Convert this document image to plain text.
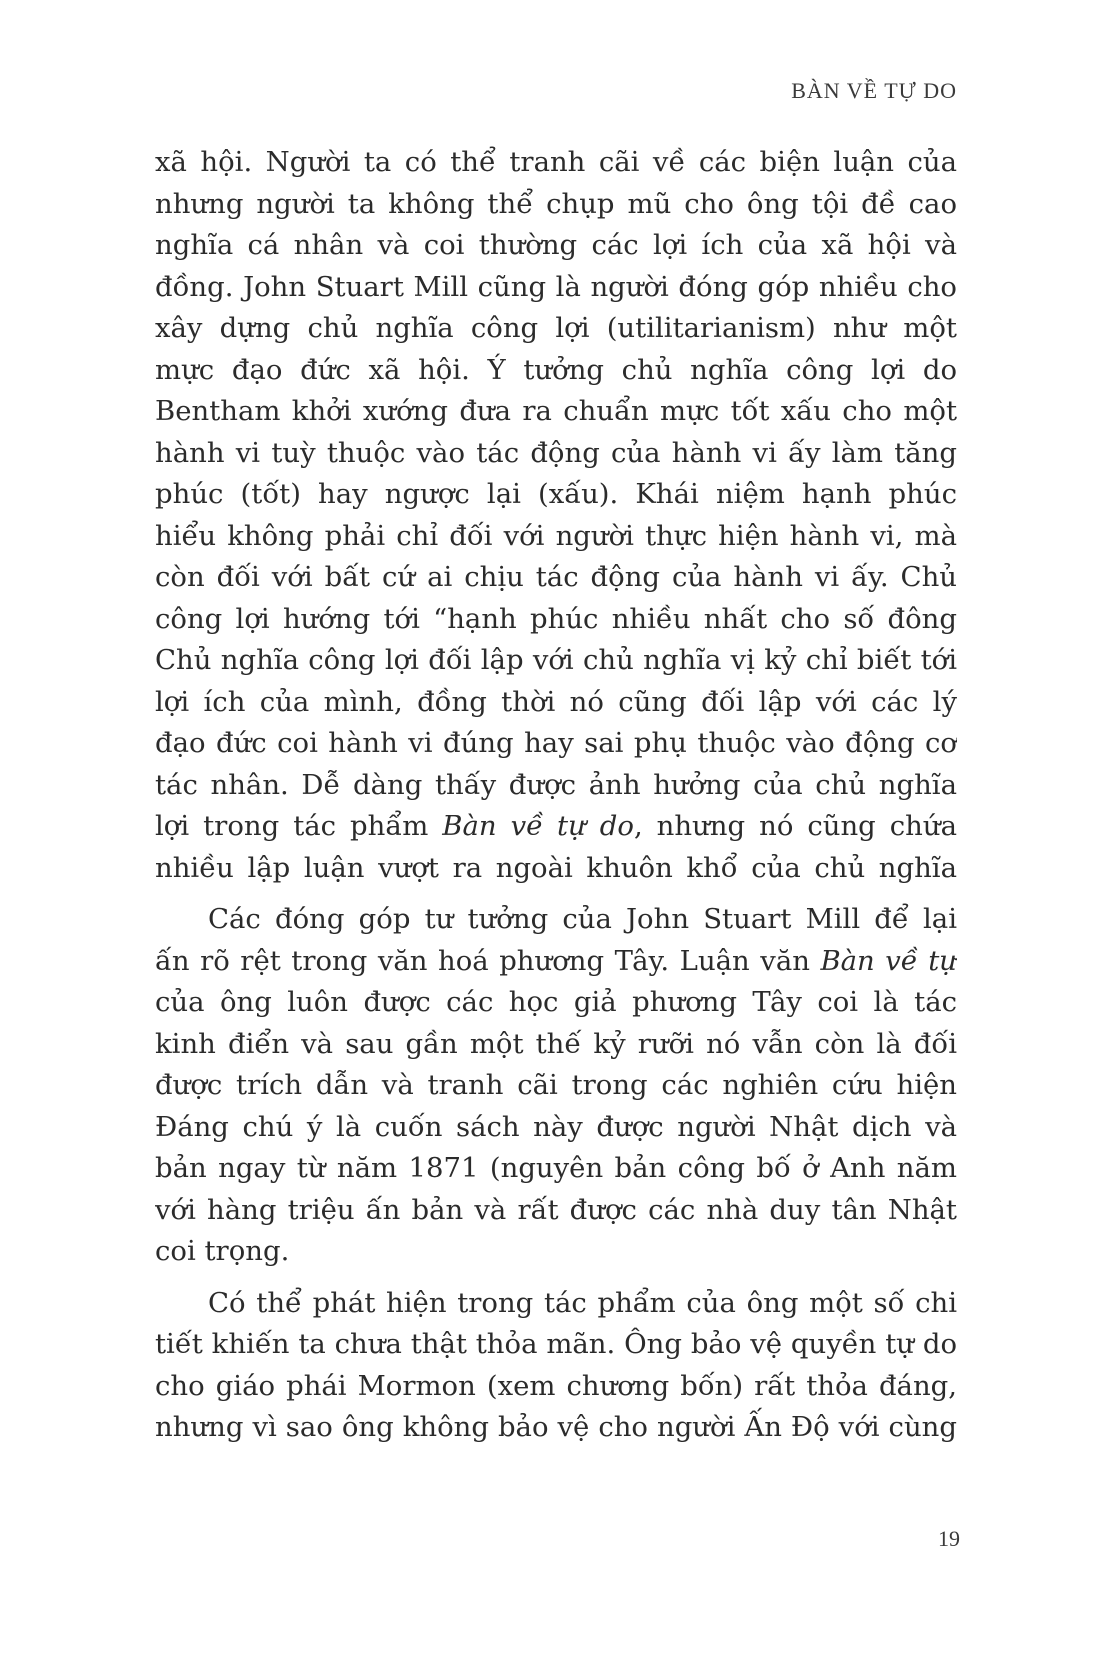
BÀN VỀ TỰ DO

xã hội. Người ta có thể tranh cãi về các biện luận của
nhưng người ta không thể chụp mũ cho ông tội đề cao
nghĩa cá nhân và coi thường các lợi ích của xã hội và
đồng. John Stuart Mill cũng là người đóng góp nhiều cho
xây dựng chủ nghĩa công lợi (utilitarianism) như một
mực đạo đức xã hội. Ý tưởng chủ nghĩa công lợi do
Bentham khởi xướng đưa ra chuẩn mực tốt xấu cho một
hành vi tuỳ thuộc vào tác động của hành vi ấy làm tăng
phúc (tốt) hay ngược lại (xấu). Khái niệm hạnh phúc
hiểu không phải chỉ đối với người thực hiện hành vi, mà
còn đối với bất cứ ai chịu tác động của hành vi ấy. Chủ
công lợi hướng tới “hạnh phúc nhiều nhất cho số đông
Chủ nghĩa công lợi đối lập với chủ nghĩa vị kỷ chỉ biết tới
lợi ích của mình, đồng thời nó cũng đối lập với các lý
đạo đức coi hành vi đúng hay sai phụ thuộc vào động cơ
tác nhân. Dễ dàng thấy được ảnh hưởng của chủ nghĩa
lợi trong tác phẩm Bàn về tự do, nhưng nó cũng chứa
nhiều lập luận vượt ra ngoài khuôn khổ của chủ nghĩa

Các đóng góp tư tưởng của John Stuart Mill để lại
ấn rõ rệt trong văn hoá phương Tây. Luận văn Bàn về tự
của ông luôn được các học giả phương Tây coi là tác
kinh điển và sau gần một thế kỷ rưỡi nó vẫn còn là đối
được trích dẫn và tranh cãi trong các nghiên cứu hiện
Đáng chú ý là cuốn sách này được người Nhật dịch và
bản ngay từ năm 1871 (nguyên bản công bố ở Anh năm
với hàng triệu ấn bản và rất được các nhà duy tân Nhật
coi trọng.

Có thể phát hiện trong tác phẩm của ông một số chi
tiết khiến ta chưa thật thỏa mãn. Ông bảo vệ quyền tự do
cho giáo phái Mormon (xem chương bốn) rất thỏa đáng,
nhưng vì sao ông không bảo vệ cho người Ấn Độ với cùng

19
